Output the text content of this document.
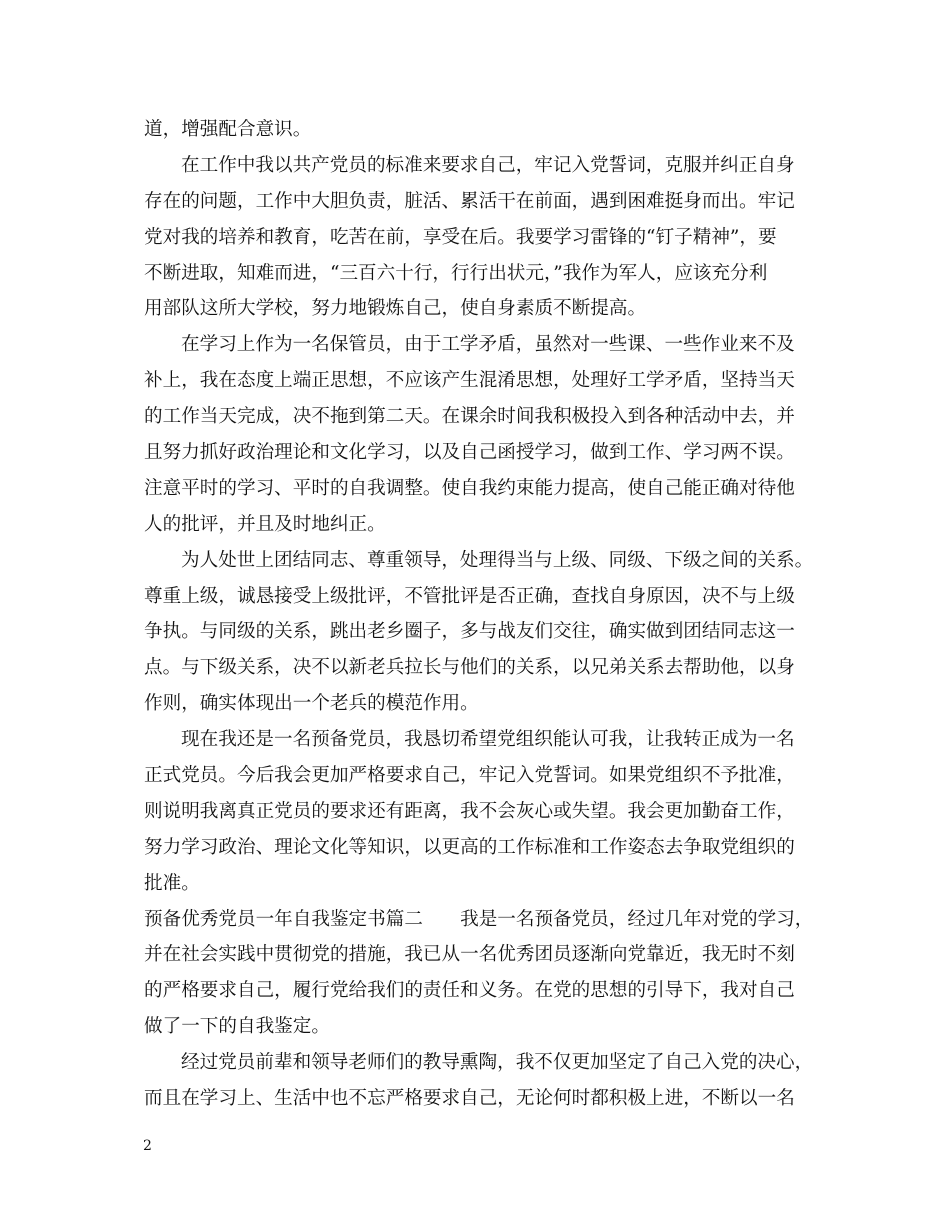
道，增强配合意识。
在工作中我以共产党员的标准来要求自己，牢记入党誓词，克服并纠正自身
存在的问题，工作中大胆负责，脏活、累活干在前面，遇到困难挺身而出。牢记
党对我的培养和教育，吃苦在前，享受在后。我要学习雷锋的“钉子精神”，要
不断进取，知难而进，“三百六十行，行行出状元，”我作为军人，应该充分利
用部队这所大学校，努力地锻炼自己，使自身素质不断提高。
在学习上作为一名保管员，由于工学矛盾，虽然对一些课、一些作业来不及
补上，我在态度上端正思想，不应该产生混淆思想，处理好工学矛盾，坚持当天
的工作当天完成，决不拖到第二天。在课余时间我积极投入到各种活动中去，并
且努力抓好政治理论和文化学习，以及自己函授学习，做到工作、学习两不误。
注意平时的学习、平时的自我调整。使自我约束能力提高，使自己能正确对待他
人的批评，并且及时地纠正。
为人处世上团结同志、尊重领导，处理得当与上级、同级、下级之间的关系。
尊重上级，诚恳接受上级批评，不管批评是否正确，查找自身原因，决不与上级
争执。与同级的关系，跳出老乡圈子，多与战友们交往，确实做到团结同志这一
点。与下级关系，决不以新老兵拉长与他们的关系，以兄弟关系去帮助他，以身
作则，确实体现出一个老兵的模范作用。
现在我还是一名预备党员，我恳切希望党组织能认可我，让我转正成为一名
正式党员。今后我会更加严格要求自己，牢记入党誓词。如果党组织不予批准，
则说明我离真正党员的要求还有距离，我不会灰心或失望。我会更加勤奋工作，
努力学习政治、理论文化等知识，以更高的工作标准和工作姿态去争取党组织的
批准。
预备优秀党员一年自我鉴定书篇二　　我是一名预备党员，经过几年对党的学习，
并在社会实践中贯彻党的措施，我已从一名优秀团员逐渐向党靠近，我无时不刻
的严格要求自己，履行党给我们的责任和义务。在党的思想的引导下，我对自己
做了一下的自我鉴定。
经过党员前辈和领导老师们的教导熏陶，我不仅更加坚定了自己入党的决心，
而且在学习上、生活中也不忘严格要求自己，无论何时都积极上进，不断以一名
2
